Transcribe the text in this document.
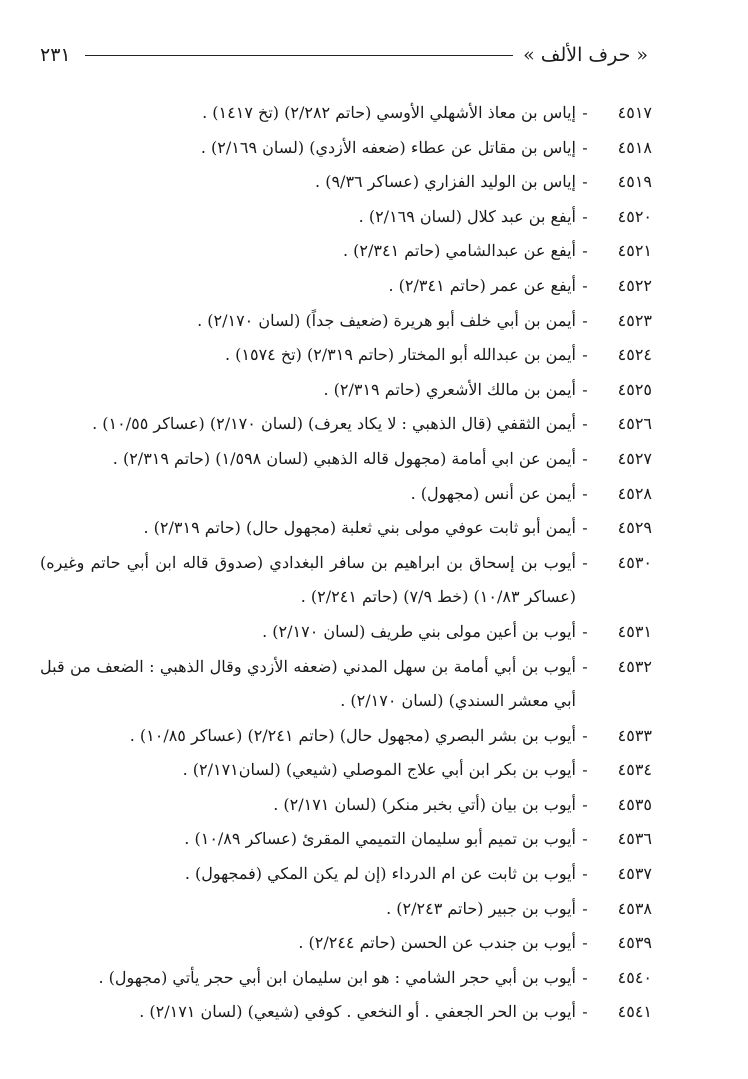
« حرف الألف »
٢٣١
٤٥١٧
-
إياس بن معاذ الأشهلي الأوسي (حاتم ٢/٢٨٢) (تخ ١٤١٧) .
٤٥١٨
-
إياس بن مقاتل عن عطاء (ضعفه الأزدي) (لسان ٢/١٦٩) .
٤٥١٩
-
إياس بن الوليد الفزاري (عساكر ٩/٣٦) .
٤٥٢٠
-
أيفع بن عبد كلال (لسان ٢/١٦٩) .
٤٥٢١
-
أيفع عن عبدالشامي (حاتم ٢/٣٤١) .
٤٥٢٢
-
أيفع عن عمر (حاتم ٢/٣٤١) .
٤٥٢٣
-
أيمن بن أبي خلف أبو هريرة (ضعيف جداً) (لسان ٢/١٧٠) .
٤٥٢٤
-
أيمن بن عبدالله أبو المختار (حاتم ٢/٣١٩) (تخ ١٥٧٤) .
٤٥٢٥
-
أيمن بن مالك الأشعري (حاتم ٢/٣١٩) .
٤٥٢٦
-
أيمن الثقفي (قال الذهبي : لا يكاد يعرف) (لسان ٢/١٧٠) (عساكر ١٠/٥٥) .
٤٥٢٧
-
أيمن عن ابي أمامة (مجهول قاله الذهبي (لسان ١/٥٩٨) (حاتم ٢/٣١٩) .
٤٥٢٨
-
أيمن عن أنس (مجهول) .
٤٥٢٩
-
أيمن أبو ثابت عوفي مولى بني ثعلبة (مجهول حال) (حاتم ٢/٣١٩) .
٤٥٣٠
-
أيوب بن إسحاق بن ابراهيم بن سافر البغدادي (صدوق قاله ابن أبي حاتم وغيره) (عساكر ١٠/٨٣) (خط ٧/٩) (حاتم ٢/٢٤١) .
٤٥٣١
-
أيوب بن أعين مولى بني طريف (لسان ٢/١٧٠) .
٤٥٣٢
-
أيوب بن أبي أمامة بن سهل المدني (ضعفه الأزدي وقال الذهبي : الضعف من قبل أبي معشر السندي) (لسان ٢/١٧٠) .
٤٥٣٣
-
أيوب بن بشر البصري (مجهول حال) (حاتم ٢/٢٤١) (عساكر ١٠/٨٥) .
٤٥٣٤
-
أيوب بن بكر ابن أبي علاج الموصلي (شيعي) (لسان٢/١٧١) .
٤٥٣٥
-
أيوب بن بيان (أتي بخبر منكر) (لسان ٢/١٧١) .
٤٥٣٦
-
أيوب بن تميم أبو سليمان التميمي المقرئ (عساكر ١٠/٨٩) .
٤٥٣٧
-
أيوب بن ثابت عن ام الدرداء (إن لم يكن المكي (فمجهول) .
٤٥٣٨
-
أيوب بن جبير (حاتم ٢/٢٤٣) .
٤٥٣٩
-
أيوب بن جندب عن الحسن (حاتم ٢/٢٤٤) .
٤٥٤٠
-
أيوب بن أبي حجر الشامي : هو ابن سليمان ابن أبي حجر يأتي (مجهول) .
٤٥٤١
-
أيوب بن الحر الجعفي . أو النخعي . كوفي (شيعي) (لسان ٢/١٧١) .
